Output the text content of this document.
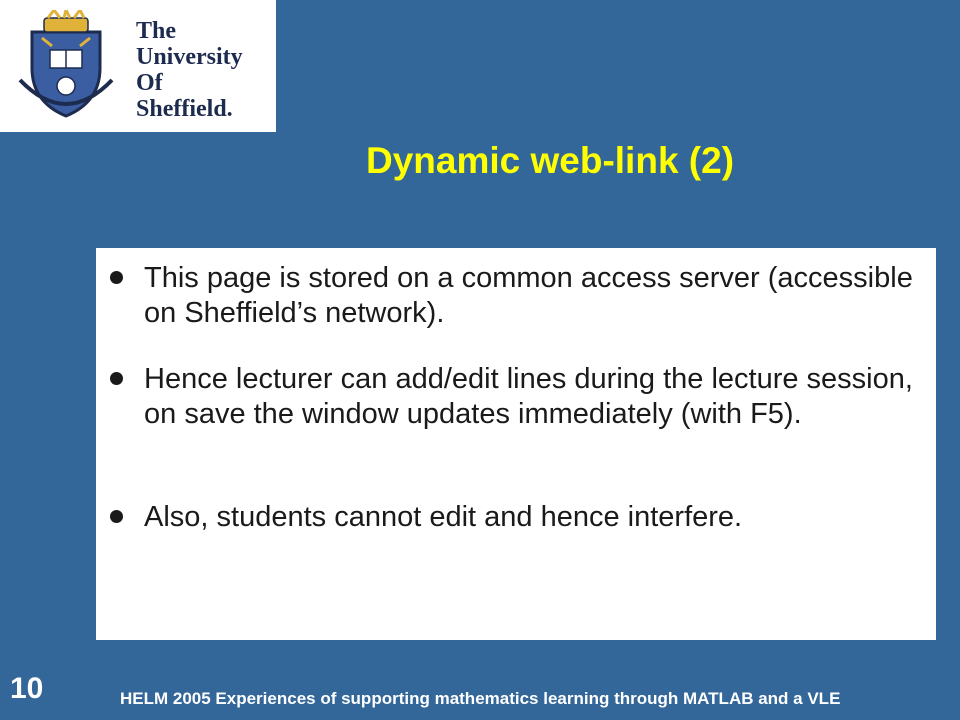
The
University
Of
Sheffield.
Dynamic web-link (2)
This page is stored on a common access server (accessible on Sheffield’s network).
Hence lecturer can add/edit lines during the lecture session, on save the window updates immediately (with F5).
Also, students cannot edit and hence interfere.
10	HELM 2005 Experiences of supporting mathematics learning through MATLAB and a VLE
